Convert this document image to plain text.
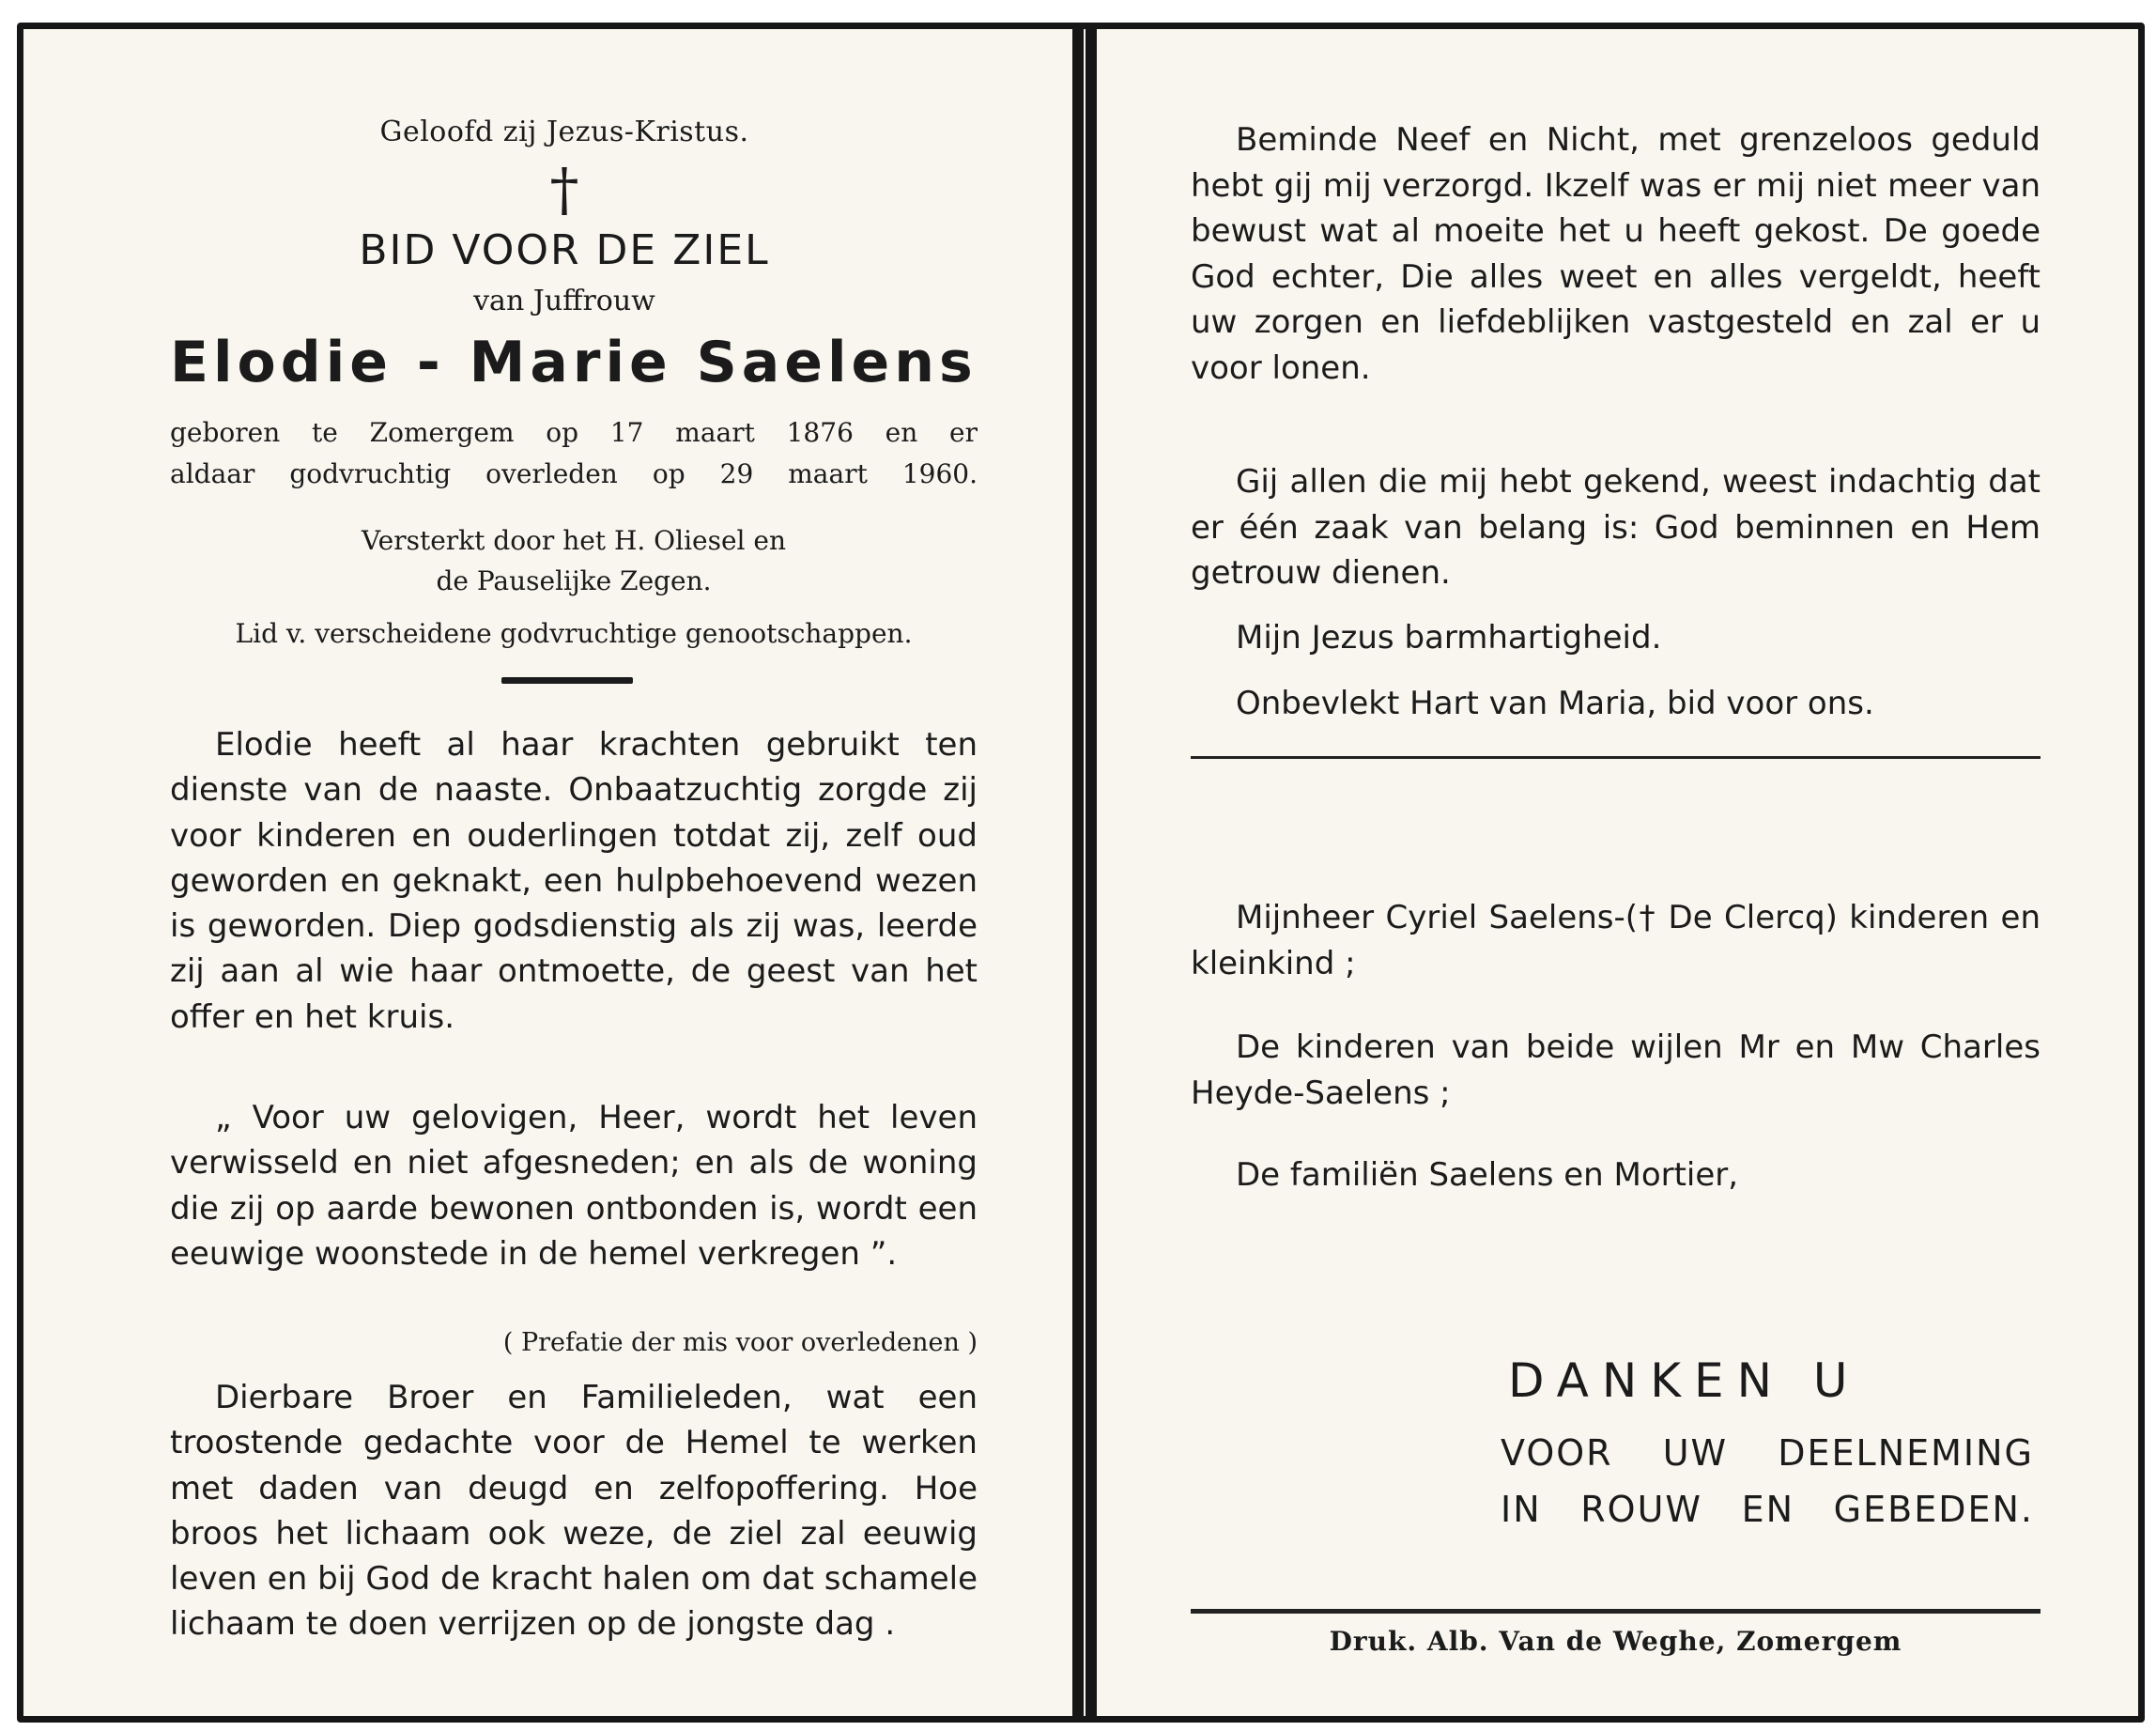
Geloofd zij Jezus-Kristus.
†
BID VOOR DE ZIEL
van Juffrouw
Elodie - Marie Saelens
geboren te Zomergem op 17 maart 1876 en er
aldaar godvruchtig overleden op 29 maart 1960.
Versterkt door het H. Oliesel en
de Pauselijke Zegen.
Lid v. verscheidene godvruchtige genootschappen.
Elodie heeft al haar krachten gebruikt ten dienste van de naaste. Onbaatzuchtig zorgde zij voor kinderen en ouderlingen totdat zij, zelf oud geworden en geknakt, een hulpbehoevend wezen is geworden. Diep godsdienstig als zij was, leerde zij aan al wie haar ontmoette, de geest van het offer en het kruis.
„ Voor uw gelovigen, Heer, wordt het leven verwisseld en niet afgesneden; en als de woning die zij op aarde bewonen ontbonden is, wordt een eeuwige woonstede in de hemel verkregen ”.
( Prefatie der mis voor overledenen )
Dierbare Broer en Familieleden, wat een troostende gedachte voor de Hemel te werken met daden van deugd en zelfopoffering. Hoe broos het lichaam ook weze, de ziel zal eeuwig leven en bij God de kracht halen om dat schamele lichaam te doen verrijzen op de jongste dag .
Beminde Neef en Nicht, met grenzeloos geduld hebt gij mij verzorgd. Ikzelf was er mij niet meer van bewust wat al moeite het u heeft gekost. De goede God echter, Die alles weet en alles vergeldt, heeft uw zorgen en liefdeblijken vastgesteld en zal er u voor lonen.
Gij allen die mij hebt gekend, weest indachtig dat er één zaak van belang is: God beminnen en Hem getrouw dienen.
Mijn Jezus barmhartigheid.
Onbevlekt Hart van Maria, bid voor ons.
Mijnheer Cyriel Saelens-(† De Clercq) kinderen en kleinkind ;
De kinderen van beide wijlen Mr en Mw Charles Heyde-Saelens ;
De familiën Saelens en Mortier,
DANKEN U
VOOR UW DEELNEMING
IN ROUW EN GEBEDEN.
Druk. Alb. Van de Weghe, Zomergem
